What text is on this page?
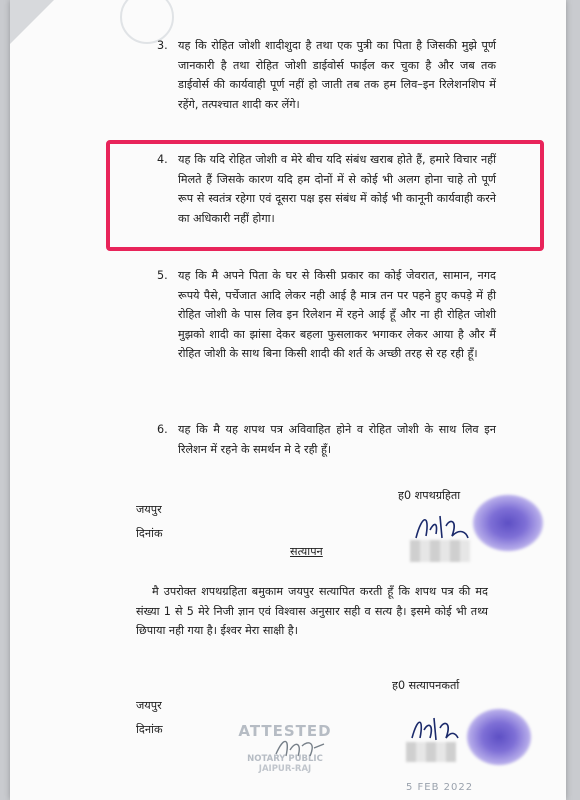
3. यह कि रोहित जोशी शादीशुदा है तथा एक पुत्री का पिता है जिसकी मुझे पूर्ण जानकारी है तथा रोहित जोशी डाईवोर्स फाईल कर चुका है और जब तक डाईवोर्स की कार्यवाही पूर्ण नहीं हो जाती तब तक हम लिव–इन रिलेशनशिप में रहेंगे, तत्पश्चात शादी कर लेंगे।
4. यह कि यदि रोहित जोशी व मेरे बीच यदि संबंध खराब होते हैं, हमारे विचार नहीं मिलते हैं जिसके कारण यदि हम दोनों में से कोई भी अलग होना चाहे तो पूर्ण रूप से स्वतंत्र रहेगा एवं दूसरा पक्ष इस संबंध में कोई भी कानूनी कार्यवाही करने का अधिकारी नहीं होगा।
5. यह कि मै अपने पिता के घर से किसी प्रकार का कोई जेवरात, सामान, नगद रूपये पैसे, पर्चेजात आदि लेकर नही आई है मात्र तन पर पहने हुए कपड़े में ही रोहित जोशी के पास लिव इन रिलेशन में रहने आई हूँ और ना ही रोहित जोशी मुझको शादी का झांसा देकर बहला फुसलाकर भगाकर लेकर आया है और मैं रोहित जोशी के साथ बिना किसी शादी की शर्त के अच्छी तरह से रह रही हूँ।
6. यह कि मै यह शपथ पत्र अविवाहित होने व रोहित जोशी के साथ लिव इन रिलेशन में रहने के समर्थन मे दे रही हूँ।
ह0 शपथग्रहिता
जयपुर
दिनांक
सत्यापन
मै उपरोक्त शपथग्रहिता बमुकाम जयपुर सत्यापित करती हूँ कि शपथ पत्र की मद संख्या 1 से 5 मेरे निजी ज्ञान एवं विश्वास अनुसार सही व सत्य है। इसमे कोई भी तथ्य छिपाया नही गया है। ईश्वर मेरा साक्षी है।
ह0 सत्यापनकर्ता
जयपुर
दिनांक	ATTESTED
NOTARY PUBLIC
JAIPUR-RAJ
5 FEB 2022
